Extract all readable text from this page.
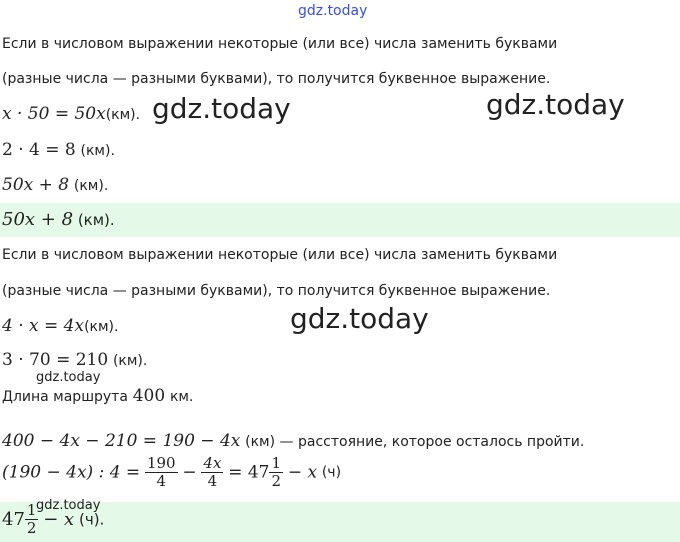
gdz.today
Если в числовом выражении некоторые (или все) числа заменить буквами
(разные числа — разными буквами), то получится буквенное выражение.
x · 50 = 50x(км). gdz.today	gdz.today
2 · 4 = 8 (км).
50x + 8 (км).
50x + 8 (км).
Если в числовом выражении некоторые (или все) числа заменить буквами
(разные числа — разными буквами), то получится буквенное выражение.
4 · x = 4x(км).	gdz.today
3 · 70 = 210 (км).
gdz.today
Длина маршрута 400 км.
400 − 4x − 210 = 190 − 4x (км) — расстояние, которое осталось пройти.
(190 − 4x) : $4 = \frac{190}{4} - \frac{4x}{4} = 47 \frac{1}{2} - x$ (ч)
$47 \frac{1}{2} - x$ (ч).
gdz.today
